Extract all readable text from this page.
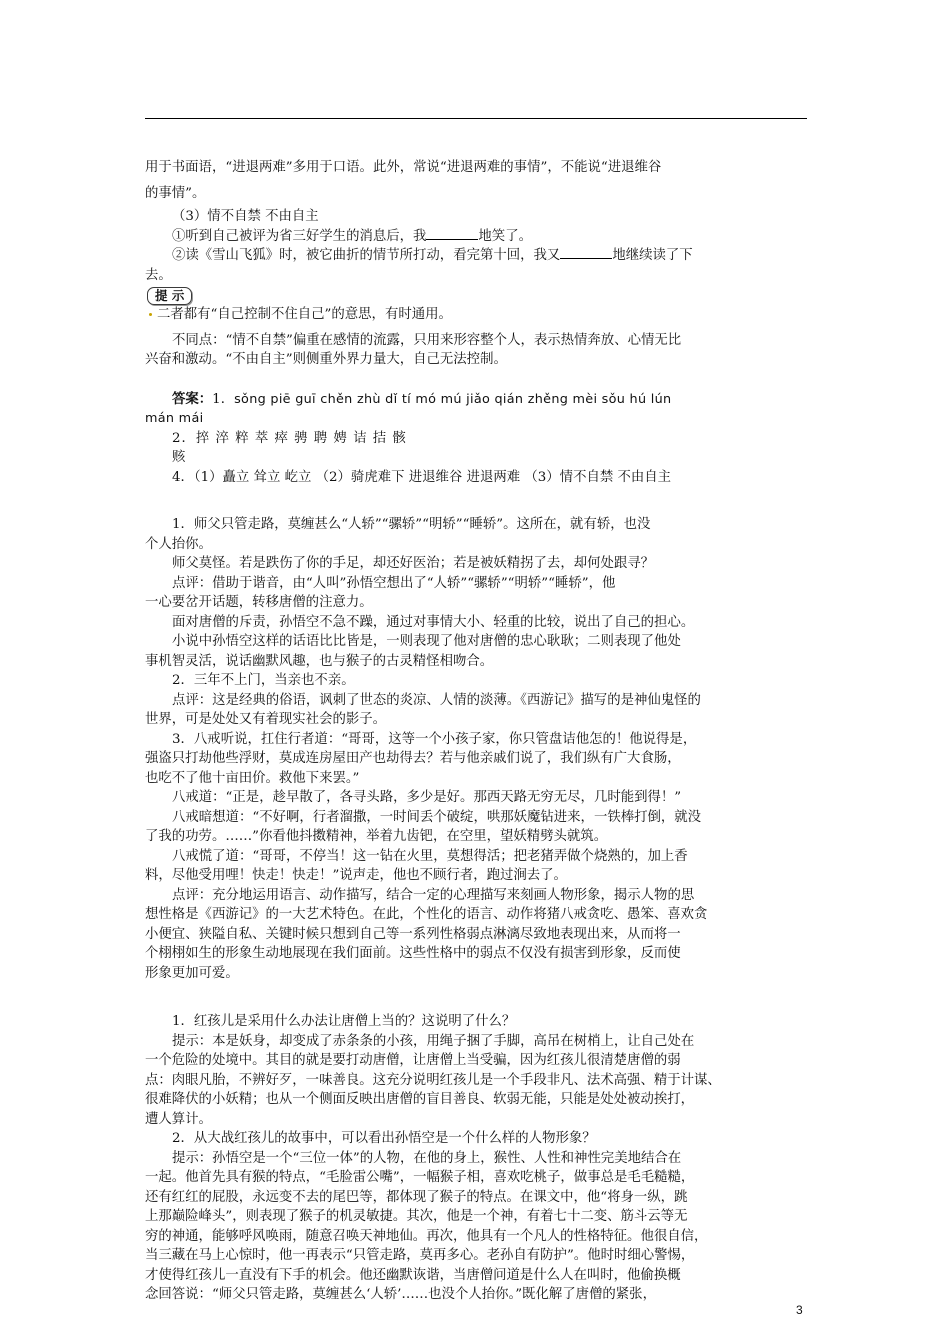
用于书面语，“进退两难”多用于口语。此外，常说“进退两难的事情”，不能说“进退维谷

的事情”。

（3）情不自禁 不由自主

①听到自己被评为省三好学生的消息后，我	地笑了。

②读《雪山飞狐》时，被它曲折的情节所打动，看完第十回，我又	地继续读了下

去。

提 示

二者都有“自己控制不住自己”的意思，有时通用。

不同点：“情不自禁”偏重在感情的流露，只用来形容整个人，表示热情奔放、心情无比

兴奋和激动。“不由自主”则侧重外界力量大，自己无法控制。

答案：1．sǒng piē guī chěn zhù dǐ tí mó mú jiǎo qián zhěng mèi sǒu hú lún

mán mái

2．捽 淬 粹 萃 瘁 骋 聘 娉 诘 拮 骸

赅

4．（1）矗立 耸立 屹立 （2）骑虎难下 进退维谷 进退两难 （3）情不自禁 不由自主

1．师父只管走路，莫缠甚么“人轿”“骡轿”“明轿”“睡轿”。这所在，就有轿，也没

个人抬你。

师父莫怪。若是跌伤了你的手足，却还好医治；若是被妖精拐了去，却何处跟寻？

点评：借助于谐音，由“人叫”孙悟空想出了“人轿”“骡轿”“明轿”“睡轿”，他

一心要岔开话题，转移唐僧的注意力。

面对唐僧的斥责，孙悟空不急不躁，通过对事情大小、轻重的比较，说出了自己的担心。

小说中孙悟空这样的话语比比皆是，一则表现了他对唐僧的忠心耿耿；二则表现了他处

事机智灵活，说话幽默风趣，也与猴子的古灵精怪相吻合。

2．三年不上门，当亲也不亲。

点评：这是经典的俗语，讽刺了世态的炎凉、人情的淡薄。《西游记》描写的是神仙鬼怪的

世界，可是处处又有着现实社会的影子。

3．八戒听说，扛住行者道：“哥哥，这等一个小孩子家，你只管盘诘他怎的！他说得是，

强盗只打劫他些浮财，莫成连房屋田产也劫得去？若与他亲戚们说了，我们纵有广大食肠，

也吃不了他十亩田价。救他下来罢。”

八戒道：“正是，趁早散了，各寻头路，多少是好。那西天路无穷无尽，几时能到得！”

八戒暗想道：“不好啊，行者溜撒，一时间丢个破绽，哄那妖魔钻进来，一铁棒打倒，就没

了我的功劳。……”你看他抖擞精神，举着九齿钯，在空里，望妖精劈头就筑。

八戒慌了道：“哥哥，不停当！这一钻在火里，莫想得活；把老猪弄做个烧熟的，加上香

料，尽他受用哩！快走！快走！”说声走，他也不顾行者，跑过涧去了。

点评：充分地运用语言、动作描写，结合一定的心理描写来刻画人物形象，揭示人物的思

想性格是《西游记》的一大艺术特色。在此，个性化的语言、动作将猪八戒贪吃、愚笨、喜欢贪

小便宜、狭隘自私、关键时候只想到自己等一系列性格弱点淋漓尽致地表现出来，从而将一

个栩栩如生的形象生动地展现在我们面前。这些性格中的弱点不仅没有损害到形象，反而使

形象更加可爱。

1．红孩儿是采用什么办法让唐僧上当的？这说明了什么？

提示：本是妖身，却变成了赤条条的小孩，用绳子捆了手脚，高吊在树梢上，让自己处在

一个危险的处境中。其目的就是要打动唐僧，让唐僧上当受骗，因为红孩儿很清楚唐僧的弱

点：肉眼凡胎，不辨好歹，一味善良。这充分说明红孩儿是一个手段非凡、法术高强、精于计谋、

很难降伏的小妖精；也从一个侧面反映出唐僧的盲目善良、软弱无能，只能是处处被动挨打，

遭人算计。

2．从大战红孩儿的故事中，可以看出孙悟空是一个什么样的人物形象？

提示：孙悟空是一个“三位一体”的人物，在他的身上，猴性、人性和神性完美地结合在

一起。他首先具有猴的特点，“毛脸雷公嘴”，一幅猴子相，喜欢吃桃子，做事总是毛毛糙糙，

还有红红的屁股，永远变不去的尾巴等，都体现了猴子的特点。在课文中，他“将身一纵，跳

上那巅险峰头”，则表现了猴子的机灵敏捷。其次，他是一个神，有着七十二变、筋斗云等无

穷的神通，能够呼风唤雨，随意召唤天神地仙。再次，他具有一个凡人的性格特征。他很自信，

当三藏在马上心惊时，他一再表示“只管走路，莫再多心。老孙自有防护”。他时时细心警惕，

才使得红孩儿一直没有下手的机会。他还幽默诙谐，当唐僧问道是什么人在叫时，他偷换概

念回答说：“师父只管走路，莫缠甚么‘人轿’……也没个人抬你。”既化解了唐僧的紧张，

3
